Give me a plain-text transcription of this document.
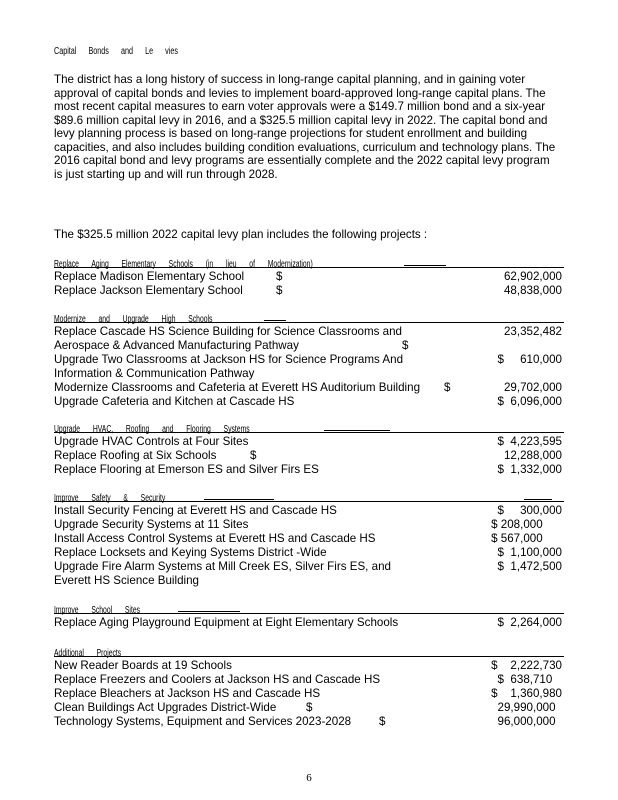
Capital Bonds and Le vies
The district has a long history of success in long-range capital planning, and in gaining voter approval of capital bonds and levies to implement board-approved long-range capital plans. The most recent capital measures to earn voter approvals were a $149.7 million bond and a six-year $89.6 million capital levy in 2016, and a $325.5 million capital levy in 2022. The capital bond and levy planning process is based on long-range projections for student enrollment and building capacities, and also includes building condition evaluations, curriculum and technology plans. The 2016 capital bond and levy programs are essentially complete and the 2022 capital levy program is just starting up and will run through 2028.
The $325.5 million 2022 capital levy plan includes the following projects :
Replace Aging Elementary Schools (in lieu of Modernization)
Replace Madison Elementary School	$	62,902,000
Replace Jackson Elementary School	$	48,838,000
Modernize and Upgrade High Schools
Replace Cascade HS Science Building for Science Classrooms and Aerospace & Advanced Manufacturing Pathway	$
23,352,482
Upgrade Two Classrooms at Jackson HS for Science Programs And Information & Communication Pathway
$     610,000
Modernize Classrooms and Cafeteria at Everett HS Auditorium Building $	29,702,000
Upgrade Cafeteria and Kitchen at Cascade HS	$  6,096,000
Upgrade HVAC, Roofing and Flooring Systems
Upgrade HVAC Controls at Four Sites	$  4,223,595
Replace Roofing at Six Schools	$	12,288,000
Replace Flooring at Emerson ES and Silver Firs ES	$  1,332,000
Improve Safety & Security
Install Security Fencing at Everett HS and Cascade HS	$     300,000
Upgrade Security Systems at 11 Sites	$ 208,000
Install Access Control Systems at Everett HS and Cascade HS	$ 567,000
Replace Locksets and Keying Systems District -Wide	$  1,100,000
Upgrade Fire Alarm Systems at Mill Creek ES, Silver Firs ES, and Everett HS Science Building
$  1,472,500
Improve School Sites
Replace Aging Playground Equipment at Eight Elementary Schools	$  2,264,000
Additional Projects
New Reader Boards at 19 Schools	$    2,222,730
Replace Freezers and Coolers at Jackson HS and Cascade HS	$  638,710
Replace Bleachers at Jackson HS and Cascade HS	$    1,360,980
Clean Buildings Act Upgrades District-Wide	$	29,990,000
Technology Systems, Equipment and Services 2023-2028 $	96,000,000
6
